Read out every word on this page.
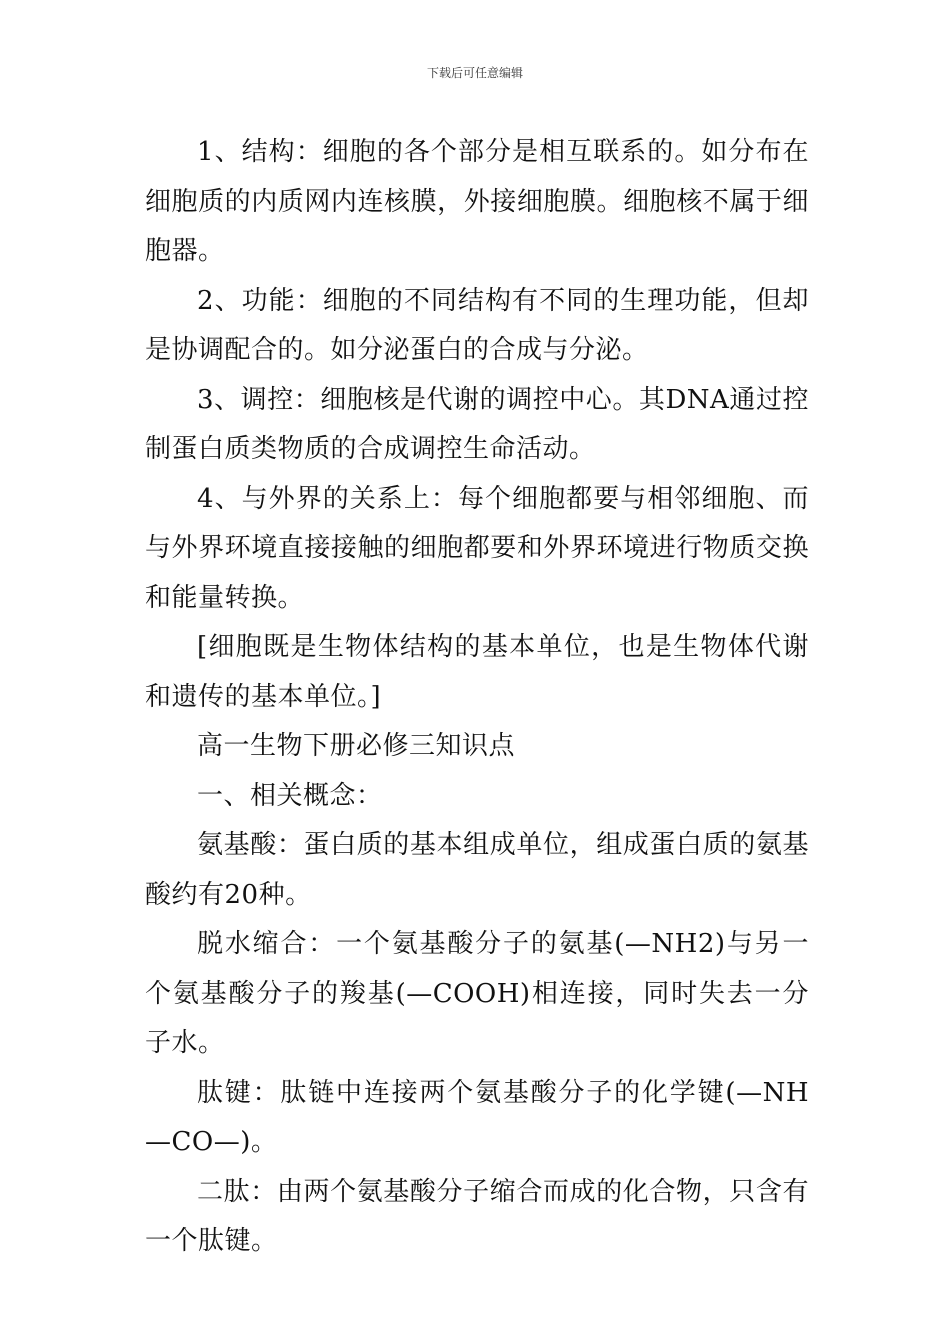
下载后可任意编辑

1、结构：细胞的各个部分是相互联系的。如分布在细胞质的内质网内连核膜，外接细胞膜。细胞核不属于细胞器。

2、功能：细胞的不同结构有不同的生理功能，但却是协调配合的。如分泌蛋白的合成与分泌。

3、调控：细胞核是代谢的调控中心。其DNA通过控制蛋白质类物质的合成调控生命活动。

4、与外界的关系上：每个细胞都要与相邻细胞、而与外界环境直接接触的细胞都要和外界环境进行物质交换和能量转换。

[细胞既是生物体结构的基本单位，也是生物体代谢和遗传的基本单位。]

高一生物下册必修三知识点

一、相关概念：

氨基酸：蛋白质的基本组成单位，组成蛋白质的氨基酸约有20种。

脱水缩合：一个氨基酸分子的氨基(—NH2)与另一个氨基酸分子的羧基(—COOH)相连接，同时失去一分子水。

肽键：肽链中连接两个氨基酸分子的化学键(—NH—CO—)。

二肽：由两个氨基酸分子缩合而成的化合物，只含有一个肽键。
